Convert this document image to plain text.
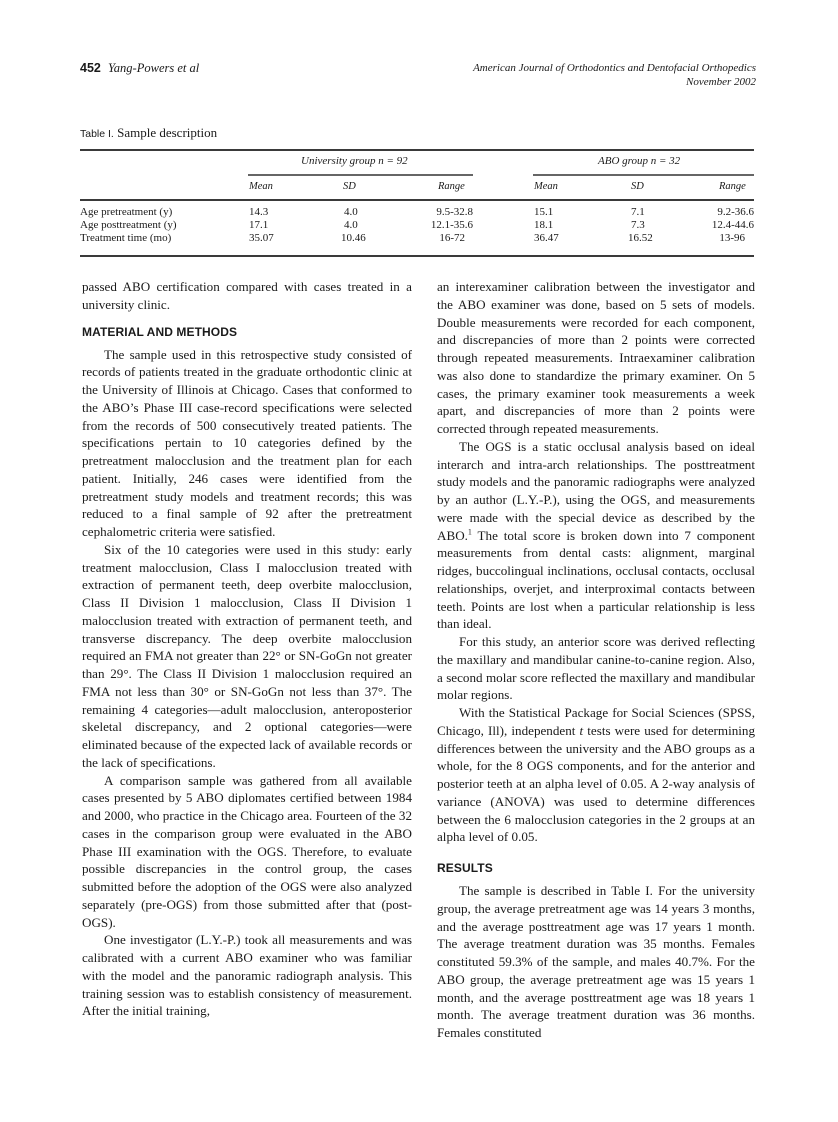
452 Yang-Powers et al	American Journal of Orthodontics and Dentofacial Orthopedics
November 2002
Table I. Sample description
University group n = 92	ABO group n = 32
Mean	SD	Range	Mean	SD	Range
Age pretreatment (y)	14.3	4.0	9.5-32.8	15.1	7.1	9.2-36.6
Age posttreatment (y)	17.1	4.0	12.1-35.6	18.1	7.3	12.4-44.6
Treatment time (mo)	35.07	10.46	16-72	36.47	16.52	13-96

passed ABO certification compared with cases treated in a university clinic.

MATERIAL AND METHODS

The sample used in this retrospective study consisted of records of patients treated in the graduate orthodontic clinic at the University of Illinois at Chicago. Cases that conformed to the ABO’s Phase III case-record specifications were selected from the records of 500 consecutively treated patients. The specifications pertain to 10 categories defined by the pretreatment malocclusion and the treatment plan for each patient. Initially, 246 cases were identified from the pretreatment study models and treatment records; this was reduced to a final sample of 92 after the pretreatment cephalometric criteria were satisfied.

Six of the 10 categories were used in this study: early treatment malocclusion, Class I malocclusion treated with extraction of permanent teeth, deep overbite malocclusion, Class II Division 1 malocclusion, Class II Division 1 malocclusion treated with extraction of permanent teeth, and transverse discrepancy. The deep overbite malocclusion required an FMA not greater than 22° or SN-GoGn not greater than 29°. The Class II Division 1 malocclusion required an FMA not less than 30° or SN-GoGn not less than 37°. The remaining 4 categories—adult malocclusion, anteroposterior skeletal discrepancy, and 2 optional categories—were eliminated because of the expected lack of available records or the lack of specifications.

A comparison sample was gathered from all available cases presented by 5 ABO diplomates certified between 1984 and 2000, who practice in the Chicago area. Fourteen of the 32 cases in the comparison group were evaluated in the ABO Phase III examination with the OGS. Therefore, to evaluate possible discrepancies in the control group, the cases submitted before the adoption of the OGS were also analyzed separately (pre-OGS) from those submitted after that (post-OGS).

One investigator (L.Y.-P.) took all measurements and was calibrated with a current ABO examiner who was familiar with the model and the panoramic radiograph analysis. This training session was to establish consistency of measurement. After the initial training,

an interexaminer calibration between the investigator and the ABO examiner was done, based on 5 sets of models. Double measurements were recorded for each component, and discrepancies of more than 2 points were corrected through repeated measurements. Intraexaminer calibration was also done to standardize the primary examiner. On 5 cases, the primary examiner took measurements a week apart, and discrepancies of more than 2 points were corrected through repeated measurements.

The OGS is a static occlusal analysis based on ideal interarch and intra-arch relationships. The posttreatment study models and the panoramic radiographs were analyzed by an author (L.Y.-P.), using the OGS, and measurements were made with the special device as described by the ABO.$^1$ The total score is broken down into 7 component measurements from dental casts: alignment, marginal ridges, buccolingual inclinations, occlusal contacts, occlusal relationships, overjet, and interproximal contacts between teeth. Points are lost when a particular relationship is less than ideal.

For this study, an anterior score was derived reflecting the maxillary and mandibular canine-to-canine region. Also, a second molar score reflected the maxillary and mandibular molar regions.

With the Statistical Package for Social Sciences (SPSS, Chicago, Ill), independent t tests were used for determining differences between the university and the ABO groups as a whole, for the 8 OGS components, and for the anterior and posterior teeth at an alpha level of 0.05. A 2-way analysis of variance (ANOVA) was used to determine differences between the 6 malocclusion categories in the 2 groups at an alpha level of 0.05.

RESULTS

The sample is described in Table I. For the university group, the average pretreatment age was 14 years 3 months, and the average posttreatment age was 17 years 1 month. The average treatment duration was 35 months. Females constituted 59.3% of the sample, and males 40.7%. For the ABO group, the average pretreatment age was 15 years 1 month, and the average posttreatment age was 18 years 1 month. The average treatment duration was 36 months. Females constituted
